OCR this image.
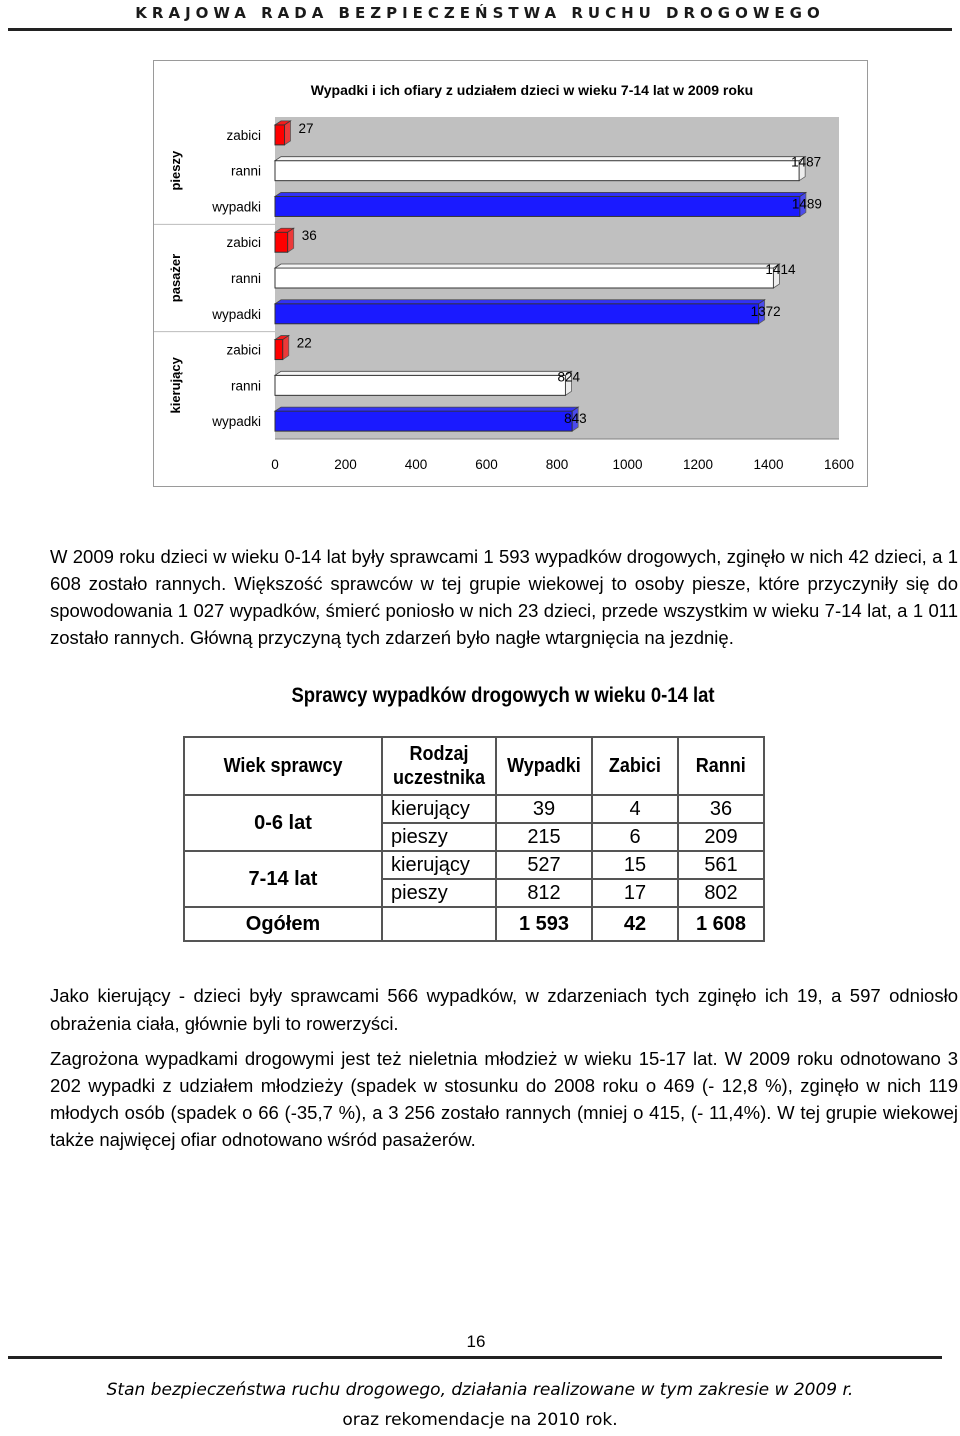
KRAJOWA RADA BEZPIECZEŃSTWA RUCHU DROGOWEGO
Wypadki i ich ofiary z udziałem dzieci w wieku 7-14 lat w 2009 roku
pieszy
zabici	27
ranni
1487
wypadki	1489
pasażer
zabici	36
ranni
1414
wypadki	1372
kierujący
zabici	22
ranni
824
wypadki	843
0	200	400	600	800	1000	1200	1400	1600
W 2009 roku dzieci w wieku 0-14 lat były sprawcami 1 593 wypadków drogowych, zginęło w nich 42 dzieci, a 1 608 zostało rannych. Większość sprawców w tej grupie wiekowej to osoby piesze, które przyczyniły się do spowodowania 1 027 wypadków, śmierć poniosło w nich 23 dzieci, przede wszystkim w wieku 7-14 lat, a 1 011 zostało rannych. Główną przyczyną tych zdarzeń było nagłe wtargnięcia na jezdnię.
Sprawcy wypadków drogowych w wieku 0-14 lat
Wiek sprawcy	Rodzaj uczestnika	Wypadki	Zabici	Ranni
0-6 lat	kierujący	39	4	36
	pieszy	215	6	209
7-14 lat	kierujący	527	15	561
	pieszy	812	17	802
Ogółem		1 593	42	1 608
Jako kierujący - dzieci były sprawcami 566 wypadków, w zdarzeniach tych zginęło ich 19, a 597 odniosło obrażenia ciała, głównie byli to rowerzyści.
Zagrożona wypadkami drogowymi jest też nieletnia młodzież w wieku 15-17 lat. W 2009 roku odnotowano 3 202 wypadki z udziałem młodzieży (spadek w stosunku do 2008 roku o 469 (- 12,8 %), zginęło w nich 119 młodych osób (spadek o 66 (-35,7 %), a 3 256 zostało rannych (mniej o 415, (- 11,4%). W tej grupie wiekowej także najwięcej ofiar odnotowano wśród pasażerów.
16
Stan bezpieczeństwa ruchu drogowego, działania realizowane w tym zakresie w 2009 r.
oraz rekomendacje na 2010 rok.
